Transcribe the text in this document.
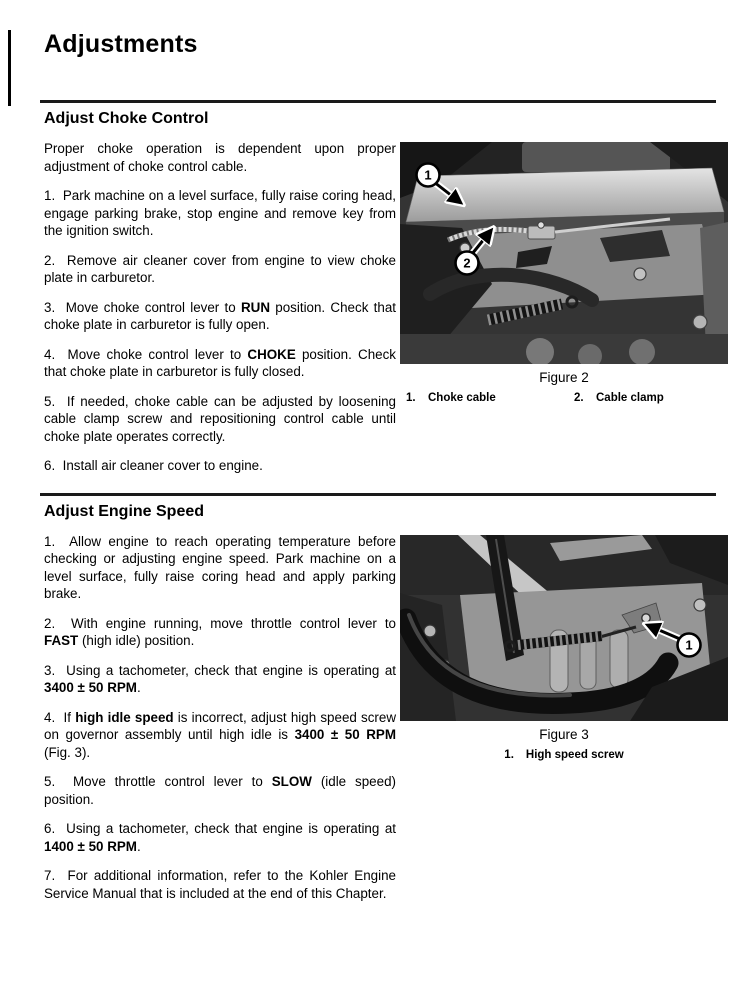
Adjustments
Adjust Choke Control

Proper choke operation is dependent upon proper adjustment of choke control cable.

1.  Park machine on a level surface, fully raise coring head, engage parking brake, stop engine and remove key from the ignition switch.

2.  Remove air cleaner cover from engine to view choke plate in carburetor.

3.  Move choke control lever to RUN position. Check that choke plate in carburetor is fully open.

4.  Move choke control lever to CHOKE position. Check that choke plate in carburetor is fully closed.

5.  If needed, choke cable can be adjusted by loosening cable clamp screw and repositioning control cable until choke plate operates correctly.

6.  Install air cleaner cover to engine.

1
2
Figure 2
1.	Choke cable	2.	Cable clamp
Adjust Engine Speed

1.  Allow engine to reach operating temperature before checking or adjusting engine speed. Park machine on a level surface, fully raise coring head and apply parking brake.

2.  With engine running, move throttle control lever to FAST (high idle) position.

3.  Using a tachometer, check that engine is operating at 3400 ± 50 RPM.

4.  If high idle speed is incorrect, adjust high speed screw on governor assembly until high idle is 3400 ± 50 RPM (Fig. 3).

5.  Move throttle control lever to SLOW (idle speed) position.

6.  Using a tachometer, check that engine is operating at 1400 ± 50 RPM.

7.  For additional information, refer to the Kohler Engine Service Manual that is included at the end of this Chapter.

1
Figure 3
1. High speed screw
